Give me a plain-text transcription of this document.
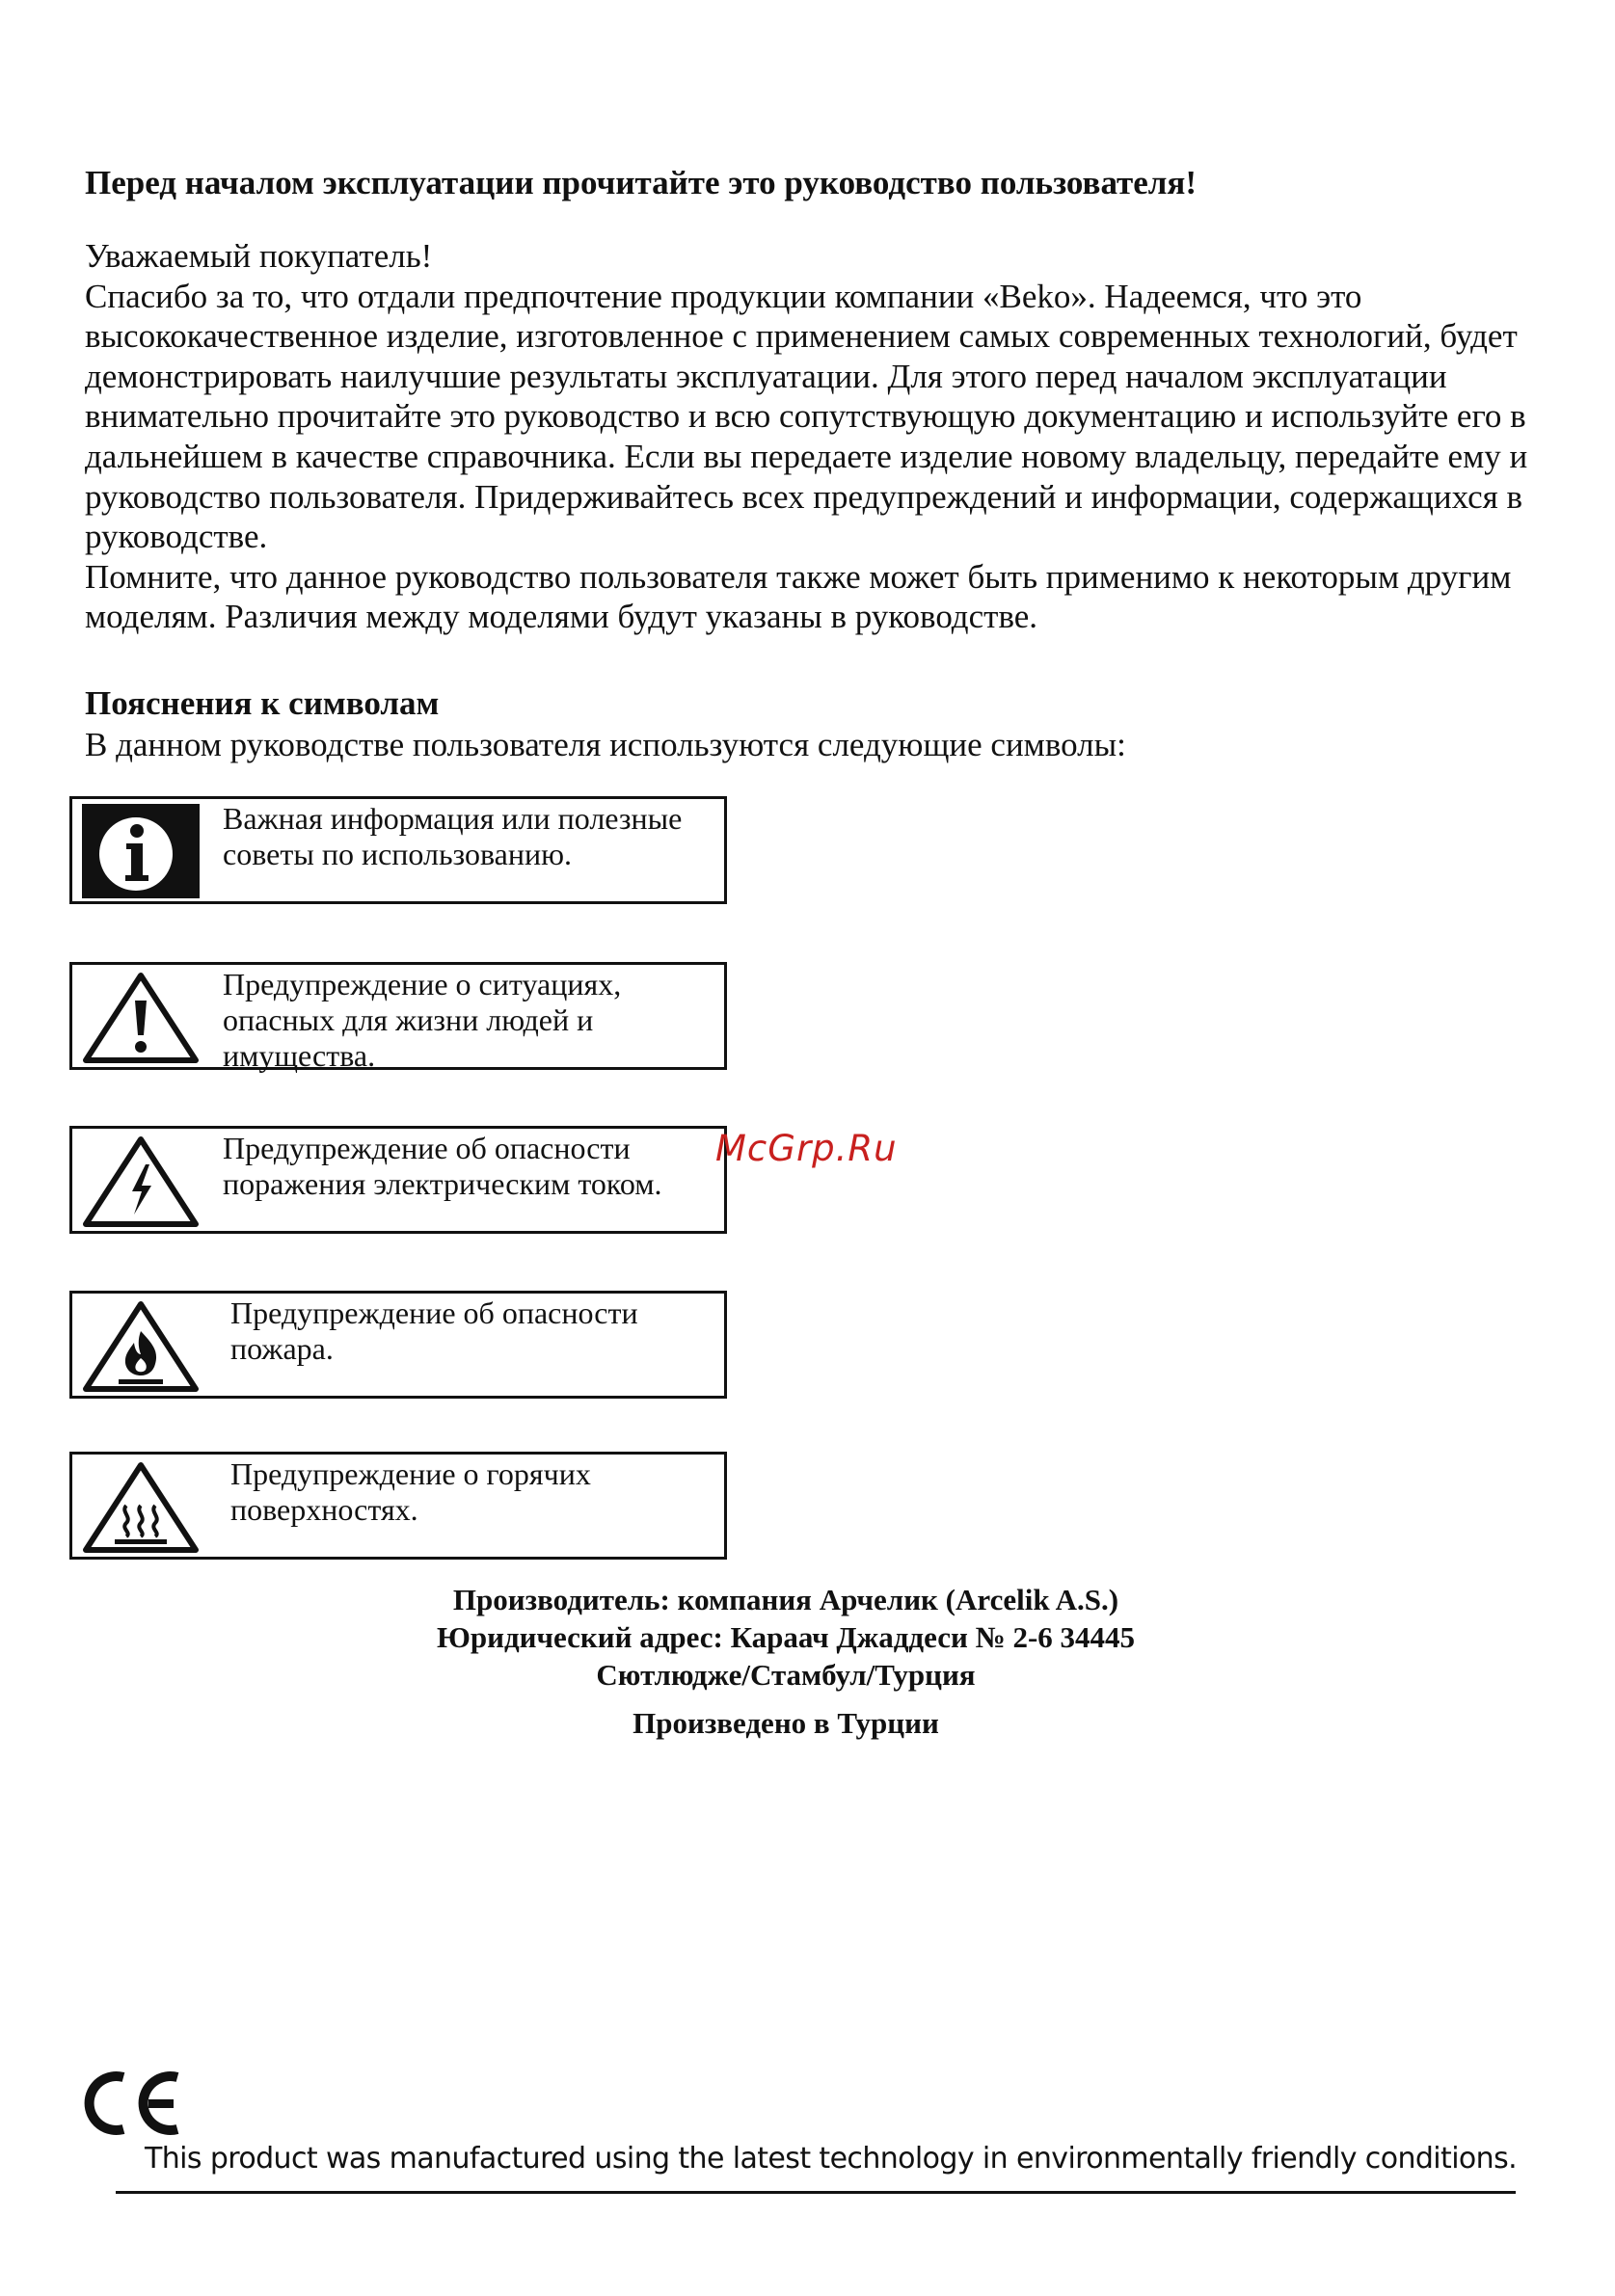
Перед началом эксплуатации прочитайте это руководство пользователя!

Уважаемый покупатель!

Спасибо за то, что отдали предпочтение продукции компании «Beko». Надеемся, что это высококачественное изделие, изготовленное с применением самых современных технологий, будет демонстрировать наилучшие результаты эксплуатации. Для этого перед началом эксплуатации внимательно прочитайте это руководство и всю сопутствующую документацию и используйте его в дальнейшем в качестве справочника. Если вы передаете изделие новому владельцу, передайте ему и руководство пользователя. Придерживайтесь всех предупреждений и информации, содержащихся в руководстве.

Помните, что данное руководство пользователя также может быть применимо к некоторым другим моделям. Различия между моделями будут указаны в руководстве.

Пояснения к символам
В данном руководстве пользователя используются следующие символы:
Важная информация или полезные советы по использованию.
Предупреждение о ситуациях, опасных для жизни людей и имущества.
Предупреждение об опасности поражения электрическим током.
Предупреждение об опасности пожара.
Предупреждение о горячих поверхностях.
Производитель: компания Арчелик (Arcelik A.S.)
Юридический адрес: Караач Джаддеси № 2-6 34445
Сютлюдже/Стамбул/Турция
Произведено в Турции
McGrp.Ru
This product was manufactured using the latest technology in environmentally friendly conditions.
